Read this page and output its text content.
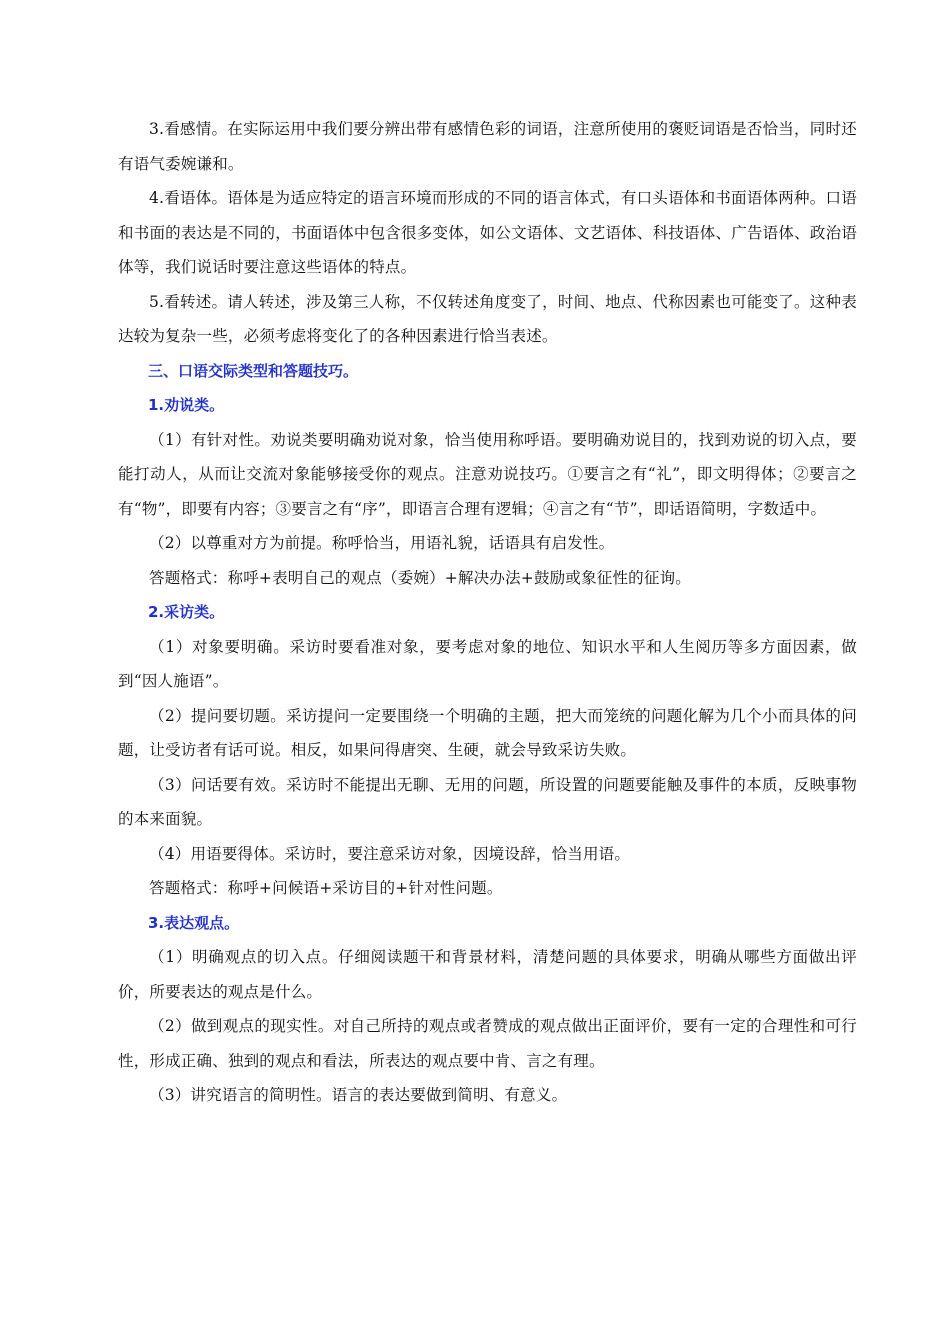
3.看感情。在实际运用中我们要分辨出带有感情色彩的词语，注意所使用的褒贬词语是否恰当，同时还有语气委婉谦和。

4.看语体。语体是为适应特定的语言环境而形成的不同的语言体式，有口头语体和书面语体两种。口语和书面的表达是不同的，书面语体中包含很多变体，如公文语体、文艺语体、科技语体、广告语体、政治语体等，我们说话时要注意这些语体的特点。

5.看转述。请人转述，涉及第三人称，不仅转述角度变了，时间、地点、代称因素也可能变了。这种表达较为复杂一些，必须考虑将变化了的各种因素进行恰当表述。

三、口语交际类型和答题技巧。

1.劝说类。

（1）有针对性。劝说类要明确劝说对象，恰当使用称呼语。要明确劝说目的，找到劝说的切入点，要能打动人，从而让交流对象能够接受你的观点。注意劝说技巧。①要言之有“礼”，即文明得体；②要言之有“物”，即要有内容；③要言之有“序”，即语言合理有逻辑；④言之有“节”，即话语简明，字数适中。

（2）以尊重对方为前提。称呼恰当，用语礼貌，话语具有启发性。

答题格式：称呼+表明自己的观点（委婉）+解决办法+鼓励或象征性的征询。

2.采访类。

（1）对象要明确。采访时要看准对象，要考虑对象的地位、知识水平和人生阅历等多方面因素，做到“因人施语”。

（2）提问要切题。采访提问一定要围绕一个明确的主题，把大而笼统的问题化解为几个小而具体的问题，让受访者有话可说。相反，如果问得唐突、生硬，就会导致采访失败。

（3）问话要有效。采访时不能提出无聊、无用的问题，所设置的问题要能触及事件的本质，反映事物的本来面貌。

（4）用语要得体。采访时，要注意采访对象，因境设辞，恰当用语。

答题格式：称呼+问候语+采访目的+针对性问题。

3.表达观点。

（1）明确观点的切入点。仔细阅读题干和背景材料，清楚问题的具体要求，明确从哪些方面做出评价，所要表达的观点是什么。

（2）做到观点的现实性。对自己所持的观点或者赞成的观点做出正面评价，要有一定的合理性和可行性，形成正确、独到的观点和看法，所表达的观点要中肯、言之有理。

（3）讲究语言的简明性。语言的表达要做到简明、有意义。
